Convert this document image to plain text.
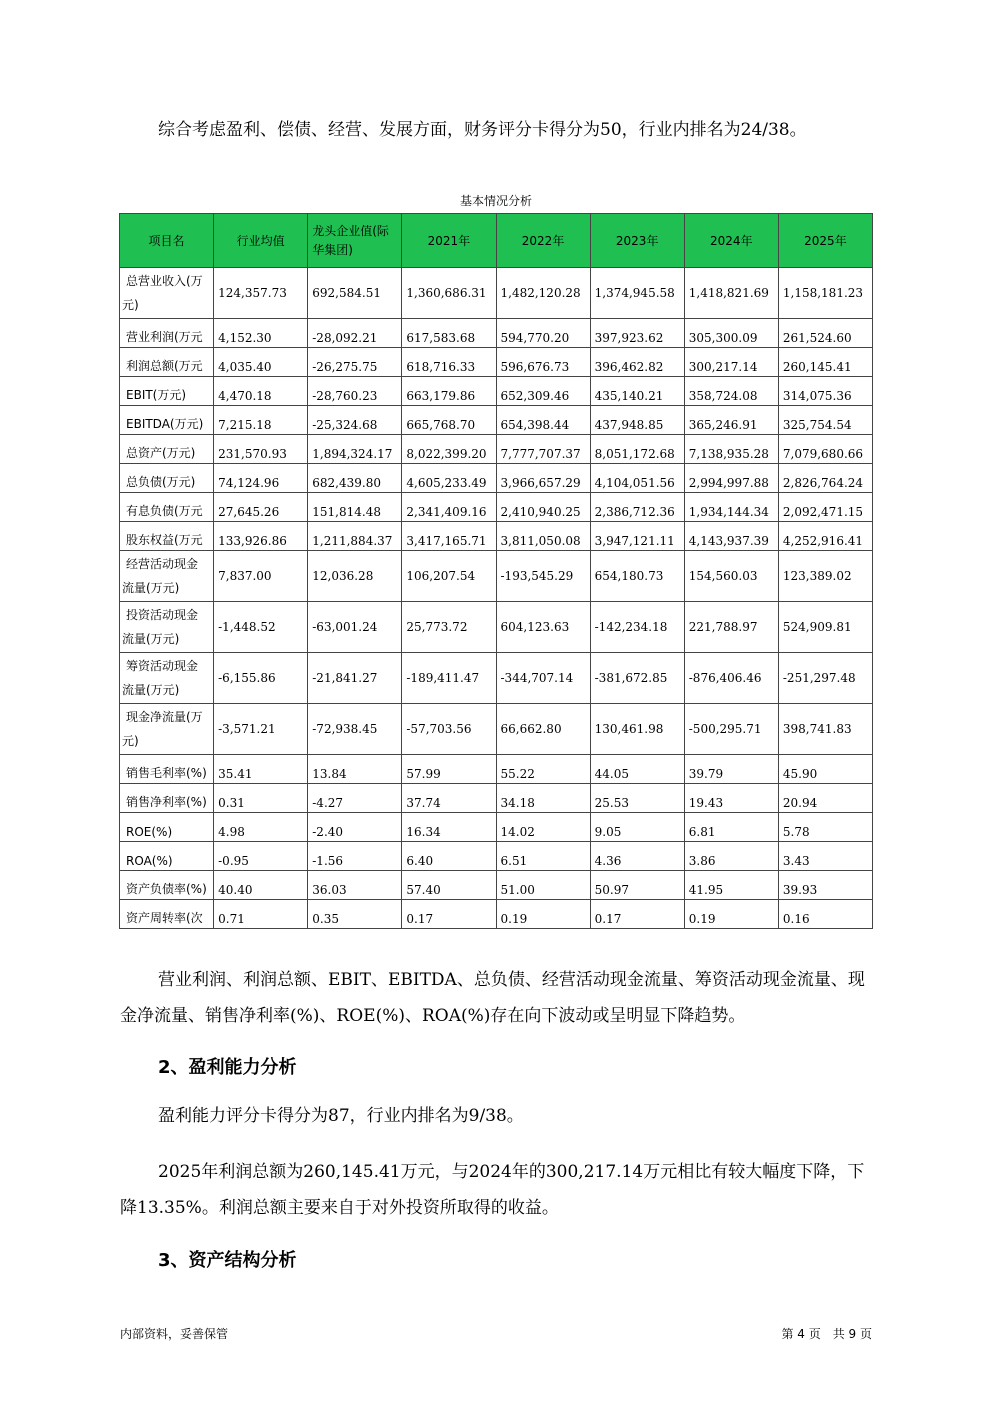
综合考虑盈利、偿债、经营、发展方面，财务评分卡得分为50，行业内排名为24/38。

基本情况分析
项目名	行业均值	龙头企业值(际华集团)	2021年	2022年	2023年	2024年	2025年
总营业收入(万元)	124,357.73	692,584.51	1,360,686.31	1,482,120.28	1,374,945.58	1,418,821.69	1,158,181.23
营业利润(万元	4,152.30	-28,092.21	617,583.68	594,770.20	397,923.62	305,300.09	261,524.60
利润总额(万元	4,035.40	-26,275.75	618,716.33	596,676.73	396,462.82	300,217.14	260,145.41
EBIT(万元)	4,470.18	-28,760.23	663,179.86	652,309.46	435,140.21	358,724.08	314,075.36
EBITDA(万元)	7,215.18	-25,324.68	665,768.70	654,398.44	437,948.85	365,246.91	325,754.54
总资产(万元)	231,570.93	1,894,324.17	8,022,399.20	7,777,707.37	8,051,172.68	7,138,935.28	7,079,680.66
总负债(万元)	74,124.96	682,439.80	4,605,233.49	3,966,657.29	4,104,051.56	2,994,997.88	2,826,764.24
有息负债(万元	27,645.26	151,814.48	2,341,409.16	2,410,940.25	2,386,712.36	1,934,144.34	2,092,471.15
股东权益(万元	133,926.86	1,211,884.37	3,417,165.71	3,811,050.08	3,947,121.11	4,143,937.39	4,252,916.41
经营活动现金流量(万元)	7,837.00	12,036.28	106,207.54	-193,545.29	654,180.73	154,560.03	123,389.02
投资活动现金流量(万元)	-1,448.52	-63,001.24	25,773.72	604,123.63	-142,234.18	221,788.97	524,909.81
筹资活动现金流量(万元)	-6,155.86	-21,841.27	-189,411.47	-344,707.14	-381,672.85	-876,406.46	-251,297.48
现金净流量(万元)	-3,571.21	-72,938.45	-57,703.56	66,662.80	130,461.98	-500,295.71	398,741.83
销售毛利率(%)	35.41	13.84	57.99	55.22	44.05	39.79	45.90
销售净利率(%)	0.31	-4.27	37.74	34.18	25.53	19.43	20.94
ROE(%)	4.98	-2.40	16.34	14.02	9.05	6.81	5.78
ROA(%)	-0.95	-1.56	6.40	6.51	4.36	3.86	3.43
资产负债率(%)	40.40	36.03	57.40	51.00	50.97	41.95	39.93
资产周转率(次	0.71	0.35	0.17	0.19	0.17	0.19	0.16

营业利润、利润总额、EBIT、EBITDA、总负债、经营活动现金流量、筹资活动现金流量、现金净流量、销售净利率(%)、ROE(%)、ROA(%)存在向下波动或呈明显下降趋势。

2、盈利能力分析

盈利能力评分卡得分为87，行业内排名为9/38。

2025年利润总额为260,145.41万元，与2024年的300,217.14万元相比有较大幅度下降，下降13.35%。利润总额主要来自于对外投资所取得的收益。

3、资产结构分析
内部资料，妥善保管	第 4 页　共 9 页
